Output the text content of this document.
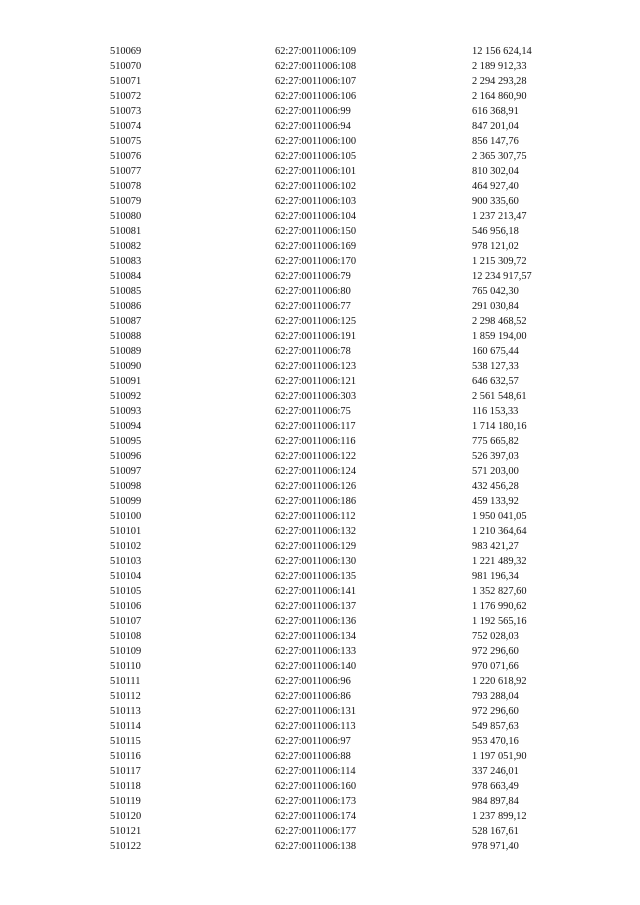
510069	62:27:0011006:109	12 156 624,14
510070	62:27:0011006:108	2 189 912,33
510071	62:27:0011006:107	2 294 293,28
510072	62:27:0011006:106	2 164 860,90
510073	62:27:0011006:99	616 368,91
510074	62:27:0011006:94	847 201,04
510075	62:27:0011006:100	856 147,76
510076	62:27:0011006:105	2 365 307,75
510077	62:27:0011006:101	810 302,04
510078	62:27:0011006:102	464 927,40
510079	62:27:0011006:103	900 335,60
510080	62:27:0011006:104	1 237 213,47
510081	62:27:0011006:150	546 956,18
510082	62:27:0011006:169	978 121,02
510083	62:27:0011006:170	1 215 309,72
510084	62:27:0011006:79	12 234 917,57
510085	62:27:0011006:80	765 042,30
510086	62:27:0011006:77	291 030,84
510087	62:27:0011006:125	2 298 468,52
510088	62:27:0011006:191	1 859 194,00
510089	62:27:0011006:78	160 675,44
510090	62:27:0011006:123	538 127,33
510091	62:27:0011006:121	646 632,57
510092	62:27:0011006:303	2 561 548,61
510093	62:27:0011006:75	116 153,33
510094	62:27:0011006:117	1 714 180,16
510095	62:27:0011006:116	775 665,82
510096	62:27:0011006:122	526 397,03
510097	62:27:0011006:124	571 203,00
510098	62:27:0011006:126	432 456,28
510099	62:27:0011006:186	459 133,92
510100	62:27:0011006:112	1 950 041,05
510101	62:27:0011006:132	1 210 364,64
510102	62:27:0011006:129	983 421,27
510103	62:27:0011006:130	1 221 489,32
510104	62:27:0011006:135	981 196,34
510105	62:27:0011006:141	1 352 827,60
510106	62:27:0011006:137	1 176 990,62
510107	62:27:0011006:136	1 192 565,16
510108	62:27:0011006:134	752 028,03
510109	62:27:0011006:133	972 296,60
510110	62:27:0011006:140	970 071,66
510111	62:27:0011006:96	1 220 618,92
510112	62:27:0011006:86	793 288,04
510113	62:27:0011006:131	972 296,60
510114	62:27:0011006:113	549 857,63
510115	62:27:0011006:97	953 470,16
510116	62:27:0011006:88	1 197 051,90
510117	62:27:0011006:114	337 246,01
510118	62:27:0011006:160	978 663,49
510119	62:27:0011006:173	984 897,84
510120	62:27:0011006:174	1 237 899,12
510121	62:27:0011006:177	528 167,61
510122	62:27:0011006:138	978 971,40
